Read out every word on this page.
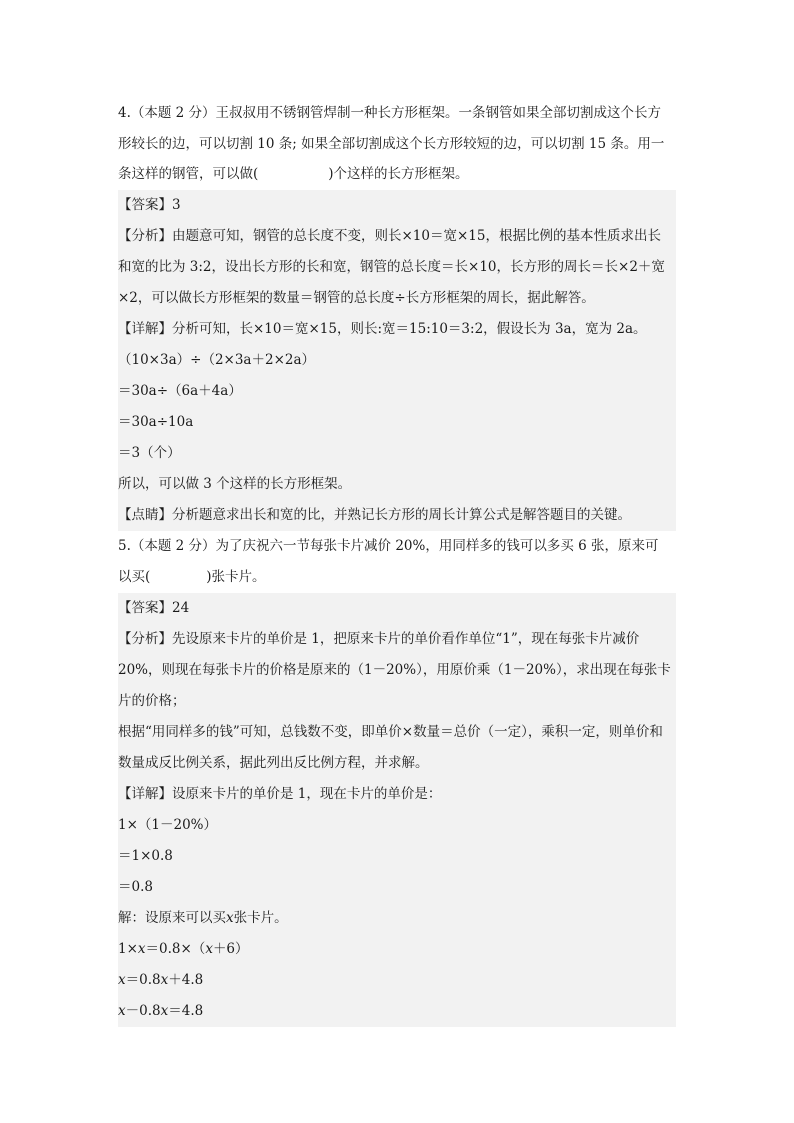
4.（本题 2 分）王叔叔用不锈钢管焊制一种长方形框架。一条钢管如果全部切割成这个长方
形较长的边，可以切割 10 条; 如果全部切割成这个长方形较短的边，可以切割 15 条。用一
条这样的钢管，可以做(	)个这样的长方形框架。
【答案】3
【分析】由题意可知，钢管的总长度不变，则长×10＝宽×15，根据比例的基本性质求出长
和宽的比为 3:2，设出长方形的长和宽，钢管的总长度＝长×10，长方形的周长＝长×2＋宽
×2，可以做长方形框架的数量＝钢管的总长度÷长方形框架的周长，据此解答。
【详解】分析可知，长×10＝宽×15，则长:宽＝15:10＝3:2，假设长为 3a，宽为 2a。
（10×3a）÷（2×3a＋2×2a）
＝30a÷（6a＋4a）
＝30a÷10a
＝3（个）
所以，可以做 3 个这样的长方形框架。
【点睛】分析题意求出长和宽的比，并熟记长方形的周长计算公式是解答题目的关键。
5.（本题 2 分）为了庆祝六一节每张卡片减价 20%，用同样多的钱可以多买 6 张，原来可
以买(	)张卡片。
【答案】24
【分析】先设原来卡片的单价是 1，把原来卡片的单价看作单位“1”，现在每张卡片减价
20%，则现在每张卡片的价格是原来的（1－20%），用原价乘（1－20%），求出现在每张卡
片的价格；
根据“用同样多的钱”可知，总钱数不变，即单价×数量＝总价（一定），乘积一定，则单价和
数量成反比例关系，据此列出反比例方程，并求解。
【详解】设原来卡片的单价是 1，现在卡片的单价是：
1×（1－20%）
＝1×0.8
＝0.8
解：设原来可以买x张卡片。
1×x＝0.8×（x＋6）
x＝0.8x＋4.8
x－0.8x＝4.8
